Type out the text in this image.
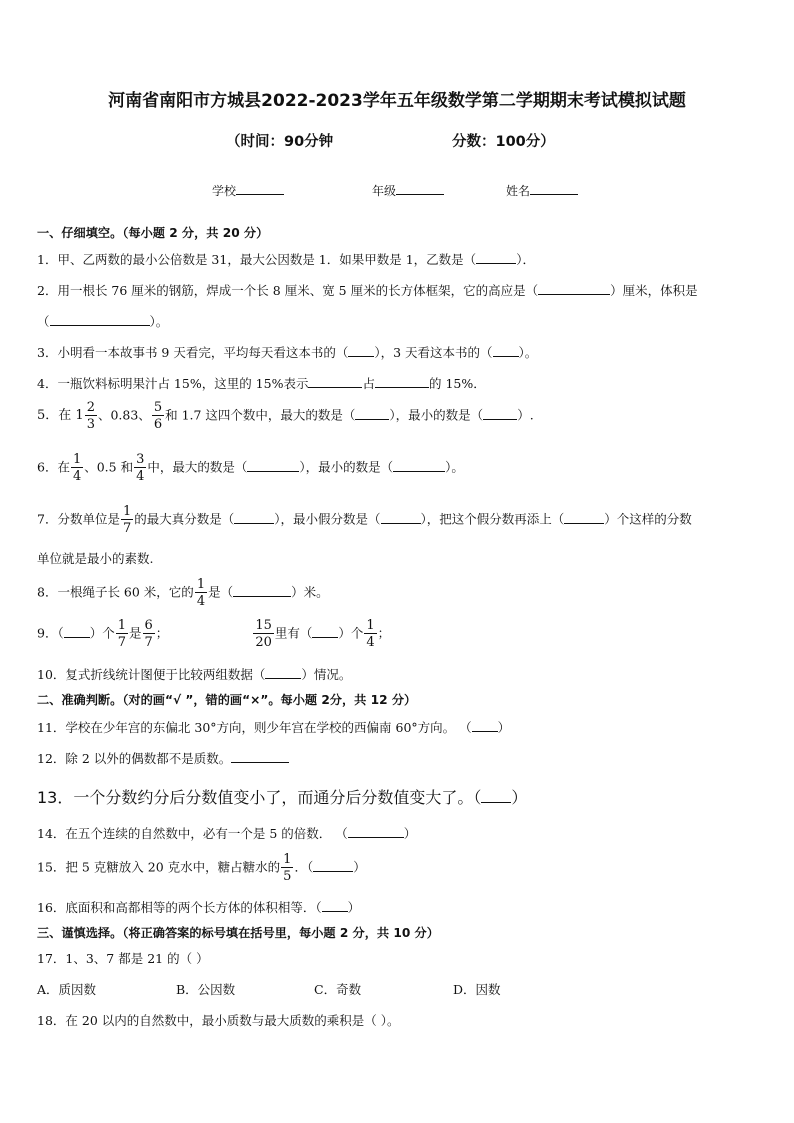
河南省南阳市方城县2022-2023学年五年级数学第二学期期末考试模拟试题
（时间：90分钟	分数：100分）
学校	年级	姓名
一、仔细填空。（每小题 2 分，共 20 分）
1．甲、乙两数的最小公倍数是 31，最大公因数是 1．如果甲数是 1，乙数是（	）．
2．用一根长 76 厘米的钢筋，焊成一个长 8 厘米、宽 5 厘米的长方体框架，它的高应是（	）厘米，体积是
（	）。
3．小明看一本故事书 9 天看完，平均每天看这本书的（ ），3 天看这本书的（ ）。
4．一瓶饮料标明果汁占 15%，这里的 15%表示	占	的 15%．
5．在 $1 \frac{2}{3}$ 、0.83、 $\frac{5}{6}$ 和 1.7 这四个数中，最大的数是（	），最小的数是（	）.
6．在 $\frac{1}{4}$ 、0.5 和 $\frac{3}{4}$ 中，最大的数是（	），最小的数是（	）。
7．分数单位是 $\frac{1}{7}$ 的最大真分数是（	），最小假分数是（	），把这个假分数再添上（	）个这样的分数
单位就是最小的素数.
8．一根绳子长 60 米，它的 $\frac{1}{4}$ 是（	）米。
9．（ ）个 $\frac{1}{7}$ 是 $\frac{6}{7}$ ；	$\frac{15}{20}$ 里有（ ）个 $\frac{1}{4}$ ；
10．复式折线统计图便于比较两组数据（	）情况。
二、准确判断。（对的画“√ ”，错的画“×”。每小题 2分，共 12 分）
11．学校在少年宫的东偏北 30°方向，则少年宫在学校的西偏南 60°方向。 （ ）
12．除 2 以外的偶数都不是质数。
13．一个分数约分后分数值变小了，而通分后分数值变大了。（ ）
14．在五个连续的自然数中，必有一个是 5 的倍数． （	）
15．把 5 克糖放入 20 克水中，糖占糖水的 $\frac{1}{5}$ ．（	）
16．底面积和高都相等的两个长方体的体积相等．（ ）
三、谨慎选择。（将正确答案的标号填在括号里，每小题 2 分，共 10 分）
17．1、3、7 都是 21 的（ ）
A．质因数	B．公因数	C．奇数	D．因数
18．在 20 以内的自然数中，最小质数与最大质数的乘积是（ ）。
